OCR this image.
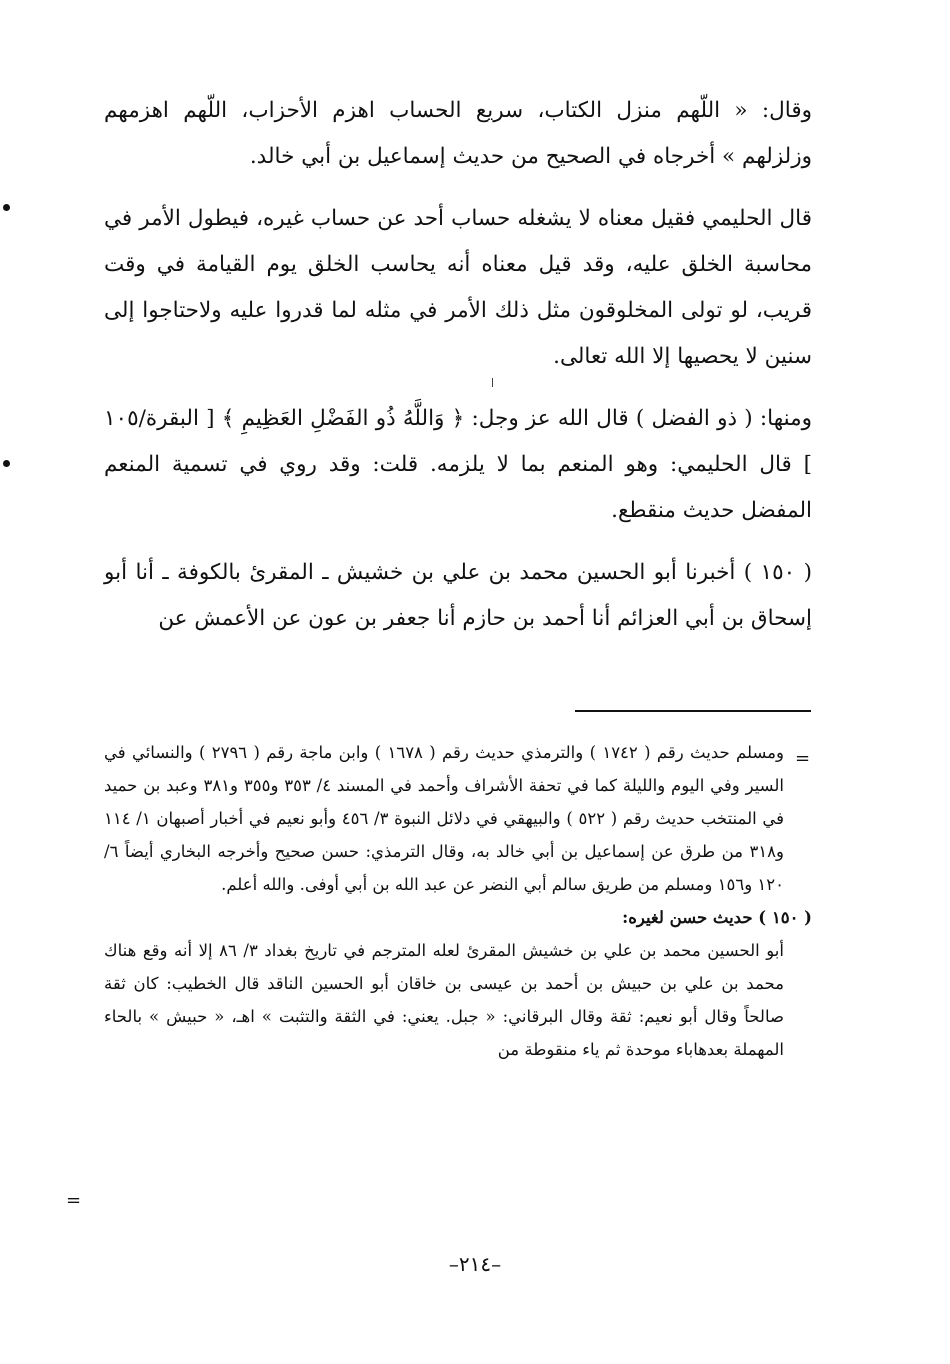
وقال: « اللّهم منزل الكتاب، سريع الحساب اهزم الأحزاب، اللّهم اهزمهم وزلزلهم » أخرجاه في الصحيح من حديث إسماعيل بن أبي خالد.

قال الحليمي فقيل معناه لا يشغله حساب أحد عن حساب غيره، فيطول الأمر في محاسبة الخلق عليه، وقد قيل معناه أنه يحاسب الخلق يوم القيامة في وقت قريب، لو تولى المخلوقون مثل ذلك الأمر في مثله لما قدروا عليه ولاحتاجوا إلى سنين لا يحصيها إلا الله تعالى.

ومنها: ( ذو الفضل ) قال الله عز وجل: ﴿ وَاللَّهُ ذُو الفَضْلِ العَظِيمِ ﴾ [ البقرة/١٠٥ ] قال الحليمي: وهو المنعم بما لا يلزمه. قلت: وقد روي في تسمية المنعم المفضل حديث منقطع.

( ١٥٠ ) أخبرنا أبو الحسين محمد بن علي بن خشيش ـ المقرئ بالكوفة ـ أنا أبو إسحاق بن أبي العزائم أنا أحمد بن حازم أنا جعفر بن عون عن الأعمش عن

=
=

ومسلم حديث رقم ( ١٧٤٢ ) والترمذي حديث رقم ( ١٦٧٨ ) وابن ماجة رقم ( ٢٧٩٦ ) والنسائي في السير وفي اليوم والليلة كما في تحفة الأشراف وأحمد في المسند ٤/ ٣٥٣ و٣٥٥ و٣٨١ وعبد بن حميد في المنتخب حديث رقم ( ٥٢٢ ) والبيهقي في دلائل النبوة ٣/ ٤٥٦ وأبو نعيم في أخبار أصبهان ١/ ١١٤ و٣١٨ من طرق عن إسماعيل بن أبي خالد به، وقال الترمذي: حسن صحيح وأخرجه البخاري أيضاً ٦/ ١٢٠ و١٥٦ ومسلم من طريق سالم أبي النضر عن عبد الله بن أبي أوفى. والله أعلم.

( ١٥٠ ) حديث حسن لغيره:

أبو الحسين محمد بن علي بن خشيش المقرئ لعله المترجم في تاريخ بغداد ٣/ ٨٦ إلا أنه وقع هناك محمد بن علي بن حبيش بن أحمد بن عيسى بن خاقان أبو الحسين الناقد قال الخطيب: كان ثقة صالحاً وقال أبو نعيم: ثقة وقال البرقاني: « جبل. يعني: في الثقة والتثبت » اهـ، « حبيش » بالحاء المهملة بعدهاباء موحدة ثم ياء منقوطة من

–٢١٤–
